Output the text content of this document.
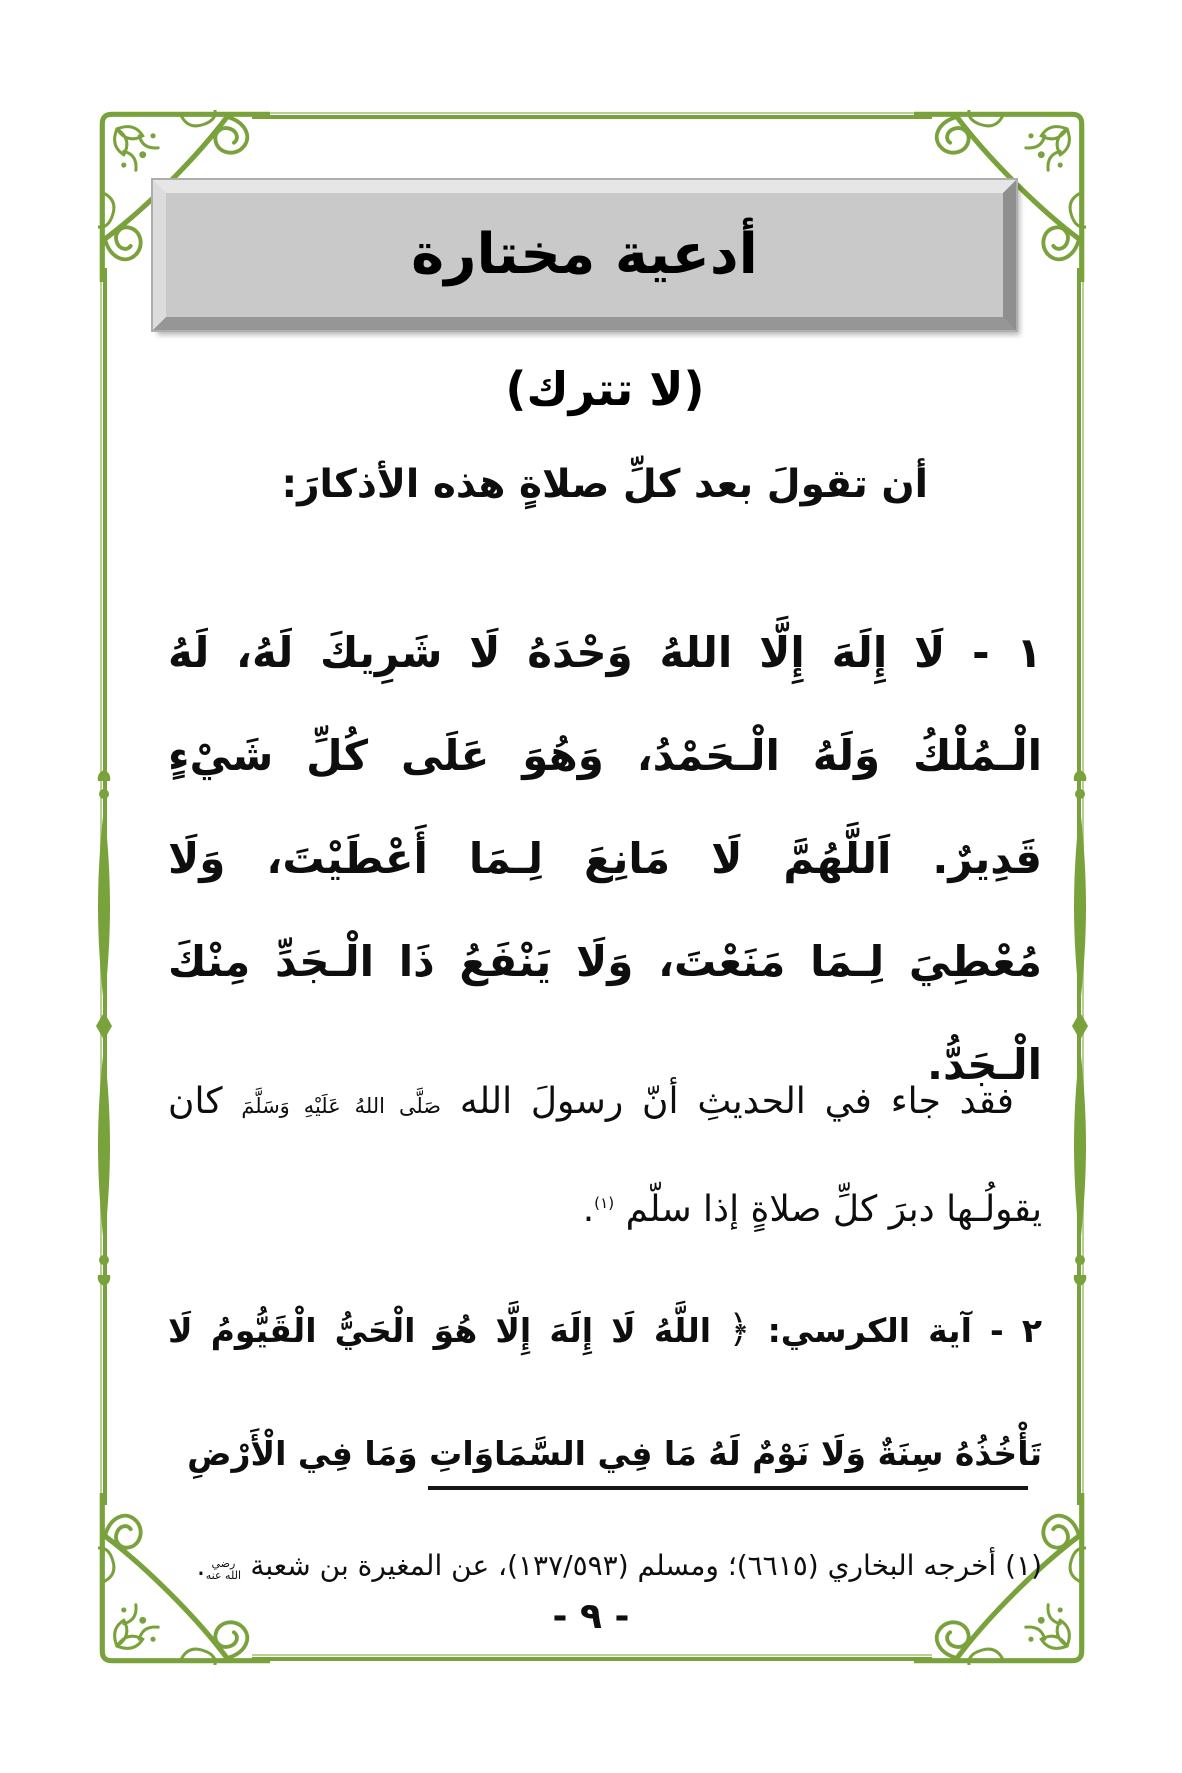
أدعية مختارة
(لا تترك)
أن تقولَ بعد كلِّ صلاةٍ هذه الأذكارَ:

١ - لَا إِلَهَ إِلَّا اللهُ وَحْدَهُ لَا شَرِيكَ لَهُ، لَهُ الْـمُلْكُ وَلَهُ الْـحَمْدُ، وَهُوَ عَلَى كُلِّ شَيْءٍ قَدِيرٌ. اَللَّهُمَّ لَا مَانِعَ لِـمَا أَعْطَيْتَ، وَلَا مُعْطِيَ لِـمَا مَنَعْتَ، وَلَا يَنْفَعُ ذَا الْـجَدِّ مِنْكَ الْـجَدُّ.

فقد جاء في الحديثِ أنّ رسولَ الله صَلَّى اللهُ عَلَيْهِ وَسَلَّمَ كان يقولُـها دبرَ كلِّ صلاةٍ إذا سلّم $^{(١)}$.

٢ - آية الكرسي: ﴿ اللَّهُ لَا إِلَهَ إِلَّا هُوَ الْحَيُّ الْقَيُّومُ لَا تَأْخُذُهُ سِنَةٌ وَلَا نَوْمٌ لَهُ مَا فِي السَّمَاوَاتِ وَمَا فِي الْأَرْضِ

(١) أخرجه البخاري (٦٦١٥)؛ ومسلم (١٣٧/٥٩٣)، عن المغيرة بن شعبة رضي الله عنه.

- ٩ -
